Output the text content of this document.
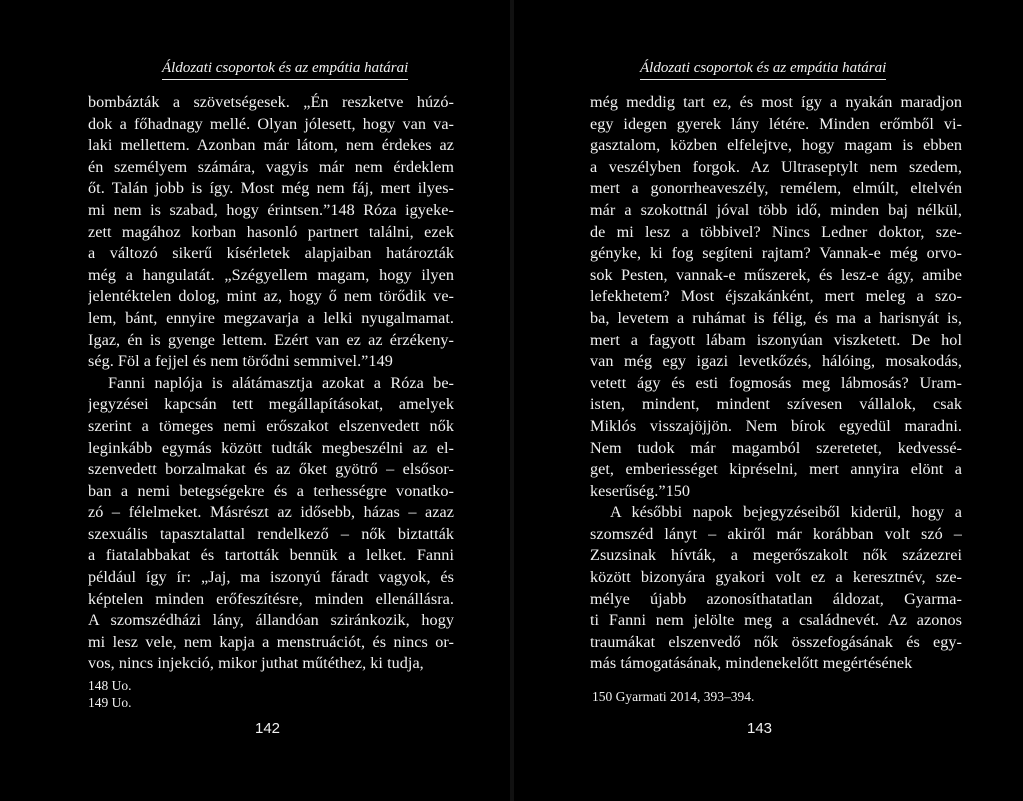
Áldozati csoportok és az empátia határai
bombázták a szövetségesek. „Én reszketve húzó-
dok a főhadnagy mellé. Olyan jólesett, hogy van va-
laki mellettem. Azonban már látom, nem érdekes az
én személyem számára, vagyis már nem érdeklem
őt. Talán jobb is így. Most még nem fáj, mert ilyes-
mi nem is szabad, hogy érintsen.”148 Róza igyeke-
zett magához korban hasonló partnert találni, ezek
a változó sikerű kísérletek alapjaiban határozták
még a hangulatát. „Szégyellem magam, hogy ilyen
jelentéktelen dolog, mint az, hogy ő nem törődik ve-
lem, bánt, ennyire megzavarja a lelki nyugalmamat.
Igaz, én is gyenge lettem. Ezért van ez az érzékeny-
ség. Föl a fejjel és nem törődni semmivel.”149
Fanni naplója is alátámasztja azokat a Róza be-
jegyzései kapcsán tett megállapításokat, amelyek
szerint a tömeges nemi erőszakot elszenvedett nők
leginkább egymás között tudták megbeszélni az el-
szenvedett borzalmakat és az őket gyötrő – elsősor-
ban a nemi betegségekre és a terhességre vonatko-
zó – félelmeket. Másrészt az idősebb, házas – azaz
szexuális tapasztalattal rendelkező – nők biztatták
a fiatalabbakat és tartották bennük a lelket. Fanni
például így ír: „Jaj, ma iszonyú fáradt vagyok, és
képtelen minden erőfeszítésre, minden ellenállásra.
A szomszédházi lány, állandóan sziránkozik, hogy
mi lesz vele, nem kapja a menstruációt, és nincs or-
vos, nincs injekció, mikor juthat műtéthez, ki tudja,
148 Uo.
149 Uo.
142
Áldozati csoportok és az empátia határai
még meddig tart ez, és most így a nyakán maradjon
egy idegen gyerek lány létére. Minden erőmből vi-
gasztalom, közben elfelejtve, hogy magam is ebben
a veszélyben forgok. Az Ultraseptylt nem szedem,
mert a gonorrheaveszély, remélem, elmúlt, eltelvén
már a szokottnál jóval több idő, minden baj nélkül,
de mi lesz a többivel? Nincs Ledner doktor, sze-
gényke, ki fog segíteni rajtam? Vannak-e még orvo-
sok Pesten, vannak-e műszerek, és lesz-e ágy, amibe
lefekhetem? Most éjszakánként, mert meleg a szo-
ba, levetem a ruhámat is félig, és ma a harisnyát is,
mert a fagyott lábam iszonyúan viszketett. De hol
van még egy igazi levetkőzés, hálóing, mosakodás,
vetett ágy és esti fogmosás meg lábmosás? Uram-
isten, mindent, mindent szívesen vállalok, csak
Miklós visszajöjjön. Nem bírok egyedül maradni.
Nem tudok már magamból szeretetet, kedvessé-
get, emberiességet kipréselni, mert annyira elönt a
keserűség.”150
A későbbi napok bejegyzéseiből kiderül, hogy a
szomszéd lányt – akiről már korábban volt szó –
Zsuzsinak hívták, a megerőszakolt nők százezrei
között bizonyára gyakori volt ez a keresztnév, sze-
mélye újabb azonosíthatatlan áldozat, Gyarma-
ti Fanni nem jelölte meg a családnevét. Az azonos
traumákat elszenvedő nők összefogásának és egy-
más támogatásának, mindenekelőtt megértésének
150 Gyarmati 2014, 393–394.
143
